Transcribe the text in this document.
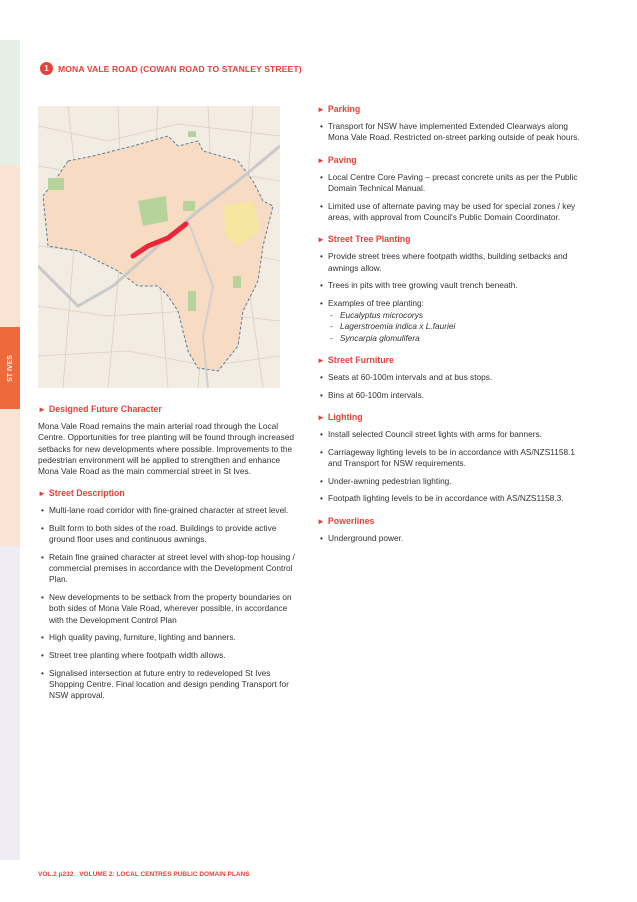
ST IVES
1	MONA VALE ROAD (COWAN ROAD TO STANLEY STREET)
► Designed Future Character

Mona Vale Road remains the main arterial road through the Local Centre. Opportunities for tree planting will be found through increased setbacks for new developments where possible. Improvements to the pedestrian environment will be applied to strengthen and enhance Mona Vale Road as the main commercial street in St Ives.

► Street Description
• Multi-lane road corridor with fine-grained character at street level.
• Built form to both sides of the road. Buildings to provide active ground floor uses and continuous awnings.
• Retain fine grained character at street level with shop-top housing / commercial premises in accordance with the Development Control Plan.
• New developments to be setback from the property boundaries on both sides of Mona Vale Road, wherever possible, in accordance with the Development Control Plan
• High quality paving, furniture, lighting and banners.
• Street tree planting where footpath width allows.
• Signalised intersection at future entry to redeveloped St Ives Shopping Centre. Final location and design pending Transport for NSW approval.
► Parking
• Transport for NSW have implemented Extended Clearways along Mona Vale Road. Restricted on-street parking outside of peak hours.
► Paving
• Local Centre Core Paving – precast concrete units as per the Public Domain Technical Manual.
• Limited use of alternate paving may be used for special zones / key areas, with approval from Council's Public Domain Coordinator.
► Street Tree Planting
• Provide street trees where footpath widths, building setbacks and awnings allow.
• Trees in pits with tree growing vault trench beneath.
• Examples of tree planting:
- Eucalyptus microcorys
- Lagerstroemia indica x L.fauriei
- Syncarpia glomulifera
► Street Furniture
• Seats at 60-100m intervals and at bus stops.
• Bins at 60-100m intervals.
► Lighting
• Install selected Council street lights with arms for banners.
• Carriageway lighting levels to be in accordance with AS/NZS1158.1 and Transport for NSW requirements.
• Under-awning pedestrian lighting.
• Footpath lighting levels to be in accordance with AS/NZS1158.3.
► Powerlines
• Underground power.
VOL.2 p232 VOLUME 2: LOCAL CENTRES PUBLIC DOMAIN PLANS
